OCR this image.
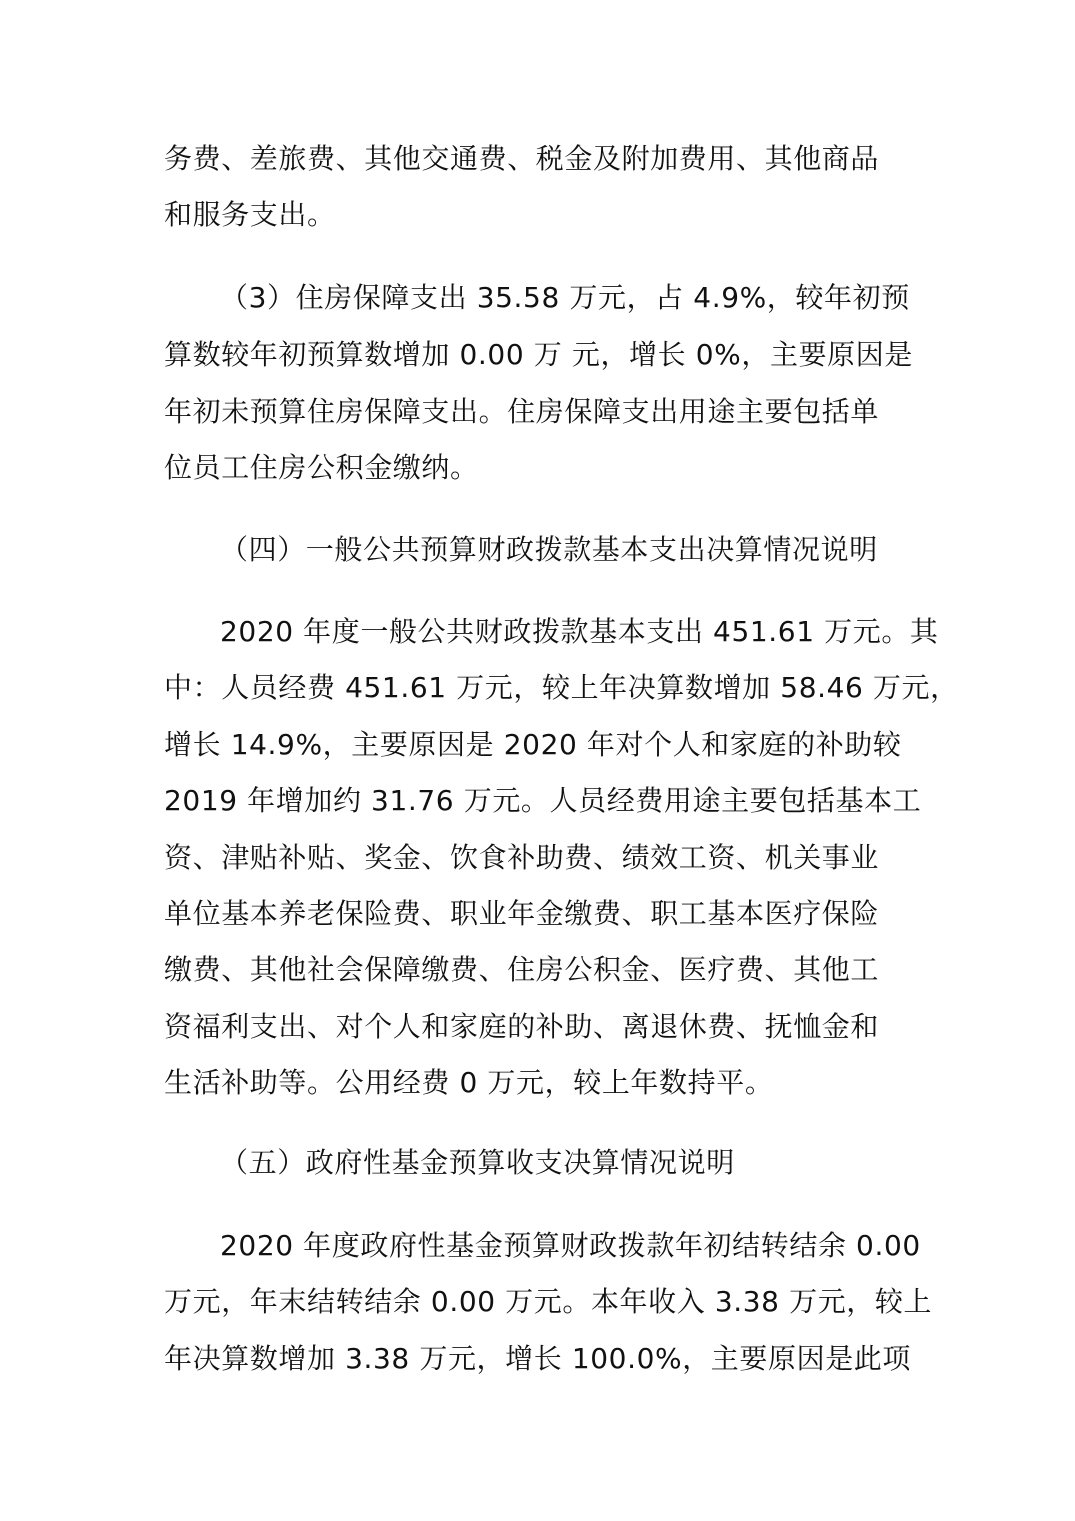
务费、差旅费、其他交通费、税金及附加费用、其他商品
和服务支出。
（3）住房保障支出 35.58 万元，占 4.9%，较年初预
算数较年初预算数增加 0.00 万 元，增长 0%，主要原因是
年初未预算住房保障支出。住房保障支出用途主要包括单
位员工住房公积金缴纳。
（四）一般公共预算财政拨款基本支出决算情况说明
2020 年度一般公共财政拨款基本支出 451.61 万元。其
中：人员经费 451.61 万元，较上年决算数增加 58.46 万元，
增长 14.9%，主要原因是 2020 年对个人和家庭的补助较
2019 年增加约 31.76 万元。人员经费用途主要包括基本工
资、津贴补贴、奖金、饮食补助费、绩效工资、机关事业
单位基本养老保险费、职业年金缴费、职工基本医疗保险
缴费、其他社会保障缴费、住房公积金、医疗费、其他工
资福利支出、对个人和家庭的补助、离退休费、抚恤金和
生活补助等。公用经费 0 万元，较上年数持平。
（五）政府性基金预算收支决算情况说明
2020 年度政府性基金预算财政拨款年初结转结余 0.00
万元，年末结转结余 0.00 万元。本年收入 3.38 万元，较上
年决算数增加 3.38 万元，增长 100.0%，主要原因是此项
